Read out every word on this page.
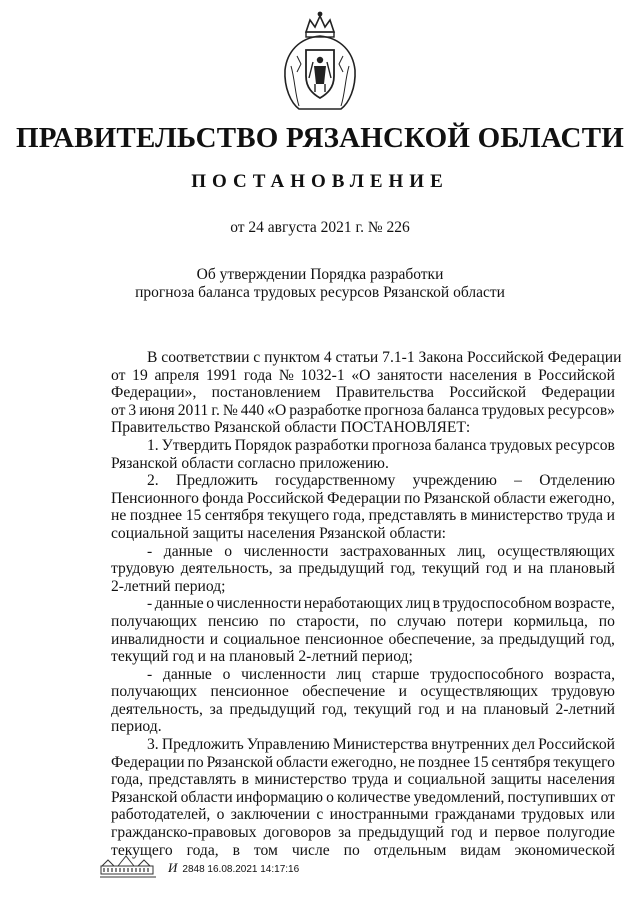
ПРАВИТЕЛЬСТВО РЯЗАНСКОЙ ОБЛАСТИ
ПОСТАНОВЛЕНИЕ
от 24 августа 2021 г. № 226
Об утверждении Порядка разработки
прогноза баланса трудовых ресурсов Рязанской области
В соответствии с пунктом 4 статьи 7.1-1 Закона Российской Федерации
от 19 апреля 1991 года № 1032-1 «О занятости населения в Российской
Федерации», постановлением Правительства Российской Федерации
от 3 июня 2011 г. № 440 «О разработке прогноза баланса трудовых ресурсов»
Правительство Рязанской области ПОСТАНОВЛЯЕТ:
1. Утвердить Порядок разработки прогноза баланса трудовых ресурсов
Рязанской области согласно приложению.
2. Предложить государственному учреждению – Отделению
Пенсионного фонда Российской Федерации по Рязанской области ежегодно,
не позднее 15 сентября текущего года, представлять в министерство труда и
социальной защиты населения Рязанской области:
- данные о численности застрахованных лиц, осуществляющих
трудовую деятельность, за предыдущий год, текущий год и на плановый
2-летний период;
- данные о численности неработающих лиц в трудоспособном возрасте,
получающих пенсию по старости, по случаю потери кормильца, по
инвалидности и социальное пенсионное обеспечение, за предыдущий год,
текущий год и на плановый 2-летний период;
- данные о численности лиц старше трудоспособного возраста,
получающих пенсионное обеспечение и осуществляющих трудовую
деятельность, за предыдущий год, текущий год и на плановый 2-летний
период.
3. Предложить Управлению Министерства внутренних дел Российской
Федерации по Рязанской области ежегодно, не позднее 15 сентября текущего
года, представлять в министерство труда и социальной защиты населения
Рязанской области информацию о количестве уведомлений, поступивших от
работодателей, о заключении с иностранными гражданами трудовых или
гражданско-правовых договоров за предыдущий год и первое полугодие
текущего года, в том числе по отдельным видам экономической
И 2848 16.08.2021 14:17:16
